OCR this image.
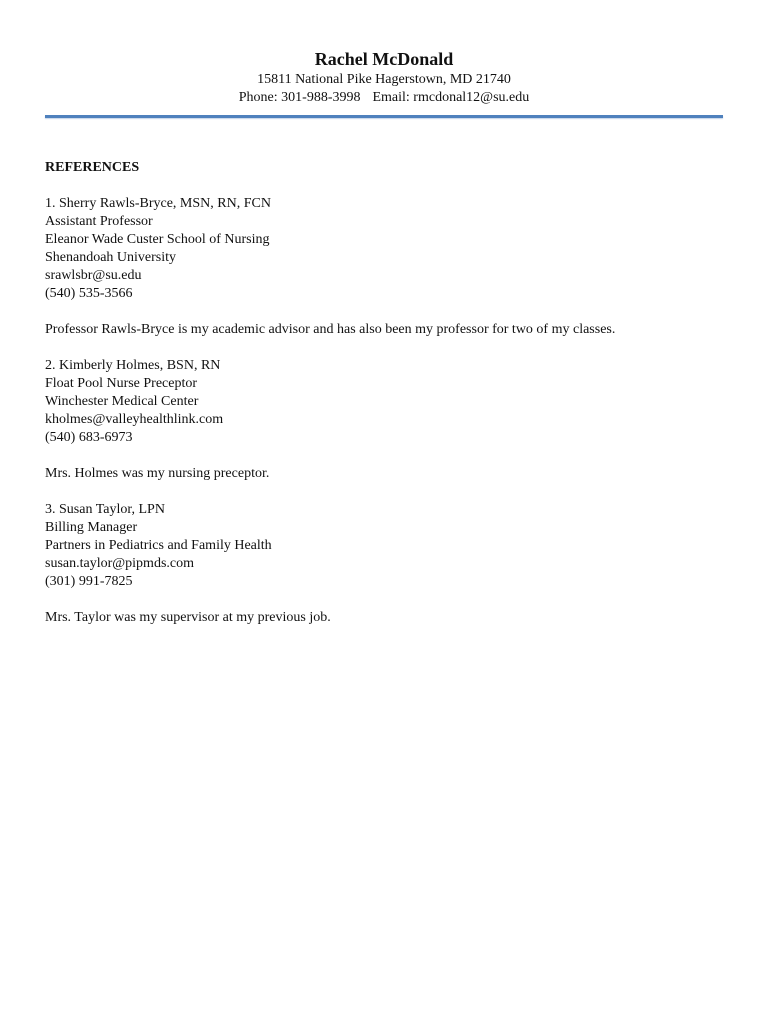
Rachel McDonald

15811 National Pike Hagerstown, MD 21740

Phone: 301-988-3998 Email: rmcdonal12@su.edu

REFERENCES

1. Sherry Rawls-Bryce, MSN, RN, FCN

Assistant Professor

Eleanor Wade Custer School of Nursing

Shenandoah University

srawlsbr@su.edu

(540) 535-3566

Professor Rawls-Bryce is my academic advisor and has also been my professor for two of my classes.

2. Kimberly Holmes, BSN, RN

Float Pool Nurse Preceptor

Winchester Medical Center

kholmes@valleyhealthlink.com

(540) 683-6973

Mrs. Holmes was my nursing preceptor.

3. Susan Taylor, LPN

Billing Manager

Partners in Pediatrics and Family Health

susan.taylor@pipmds.com

(301) 991-7825

Mrs. Taylor was my supervisor at my previous job.
